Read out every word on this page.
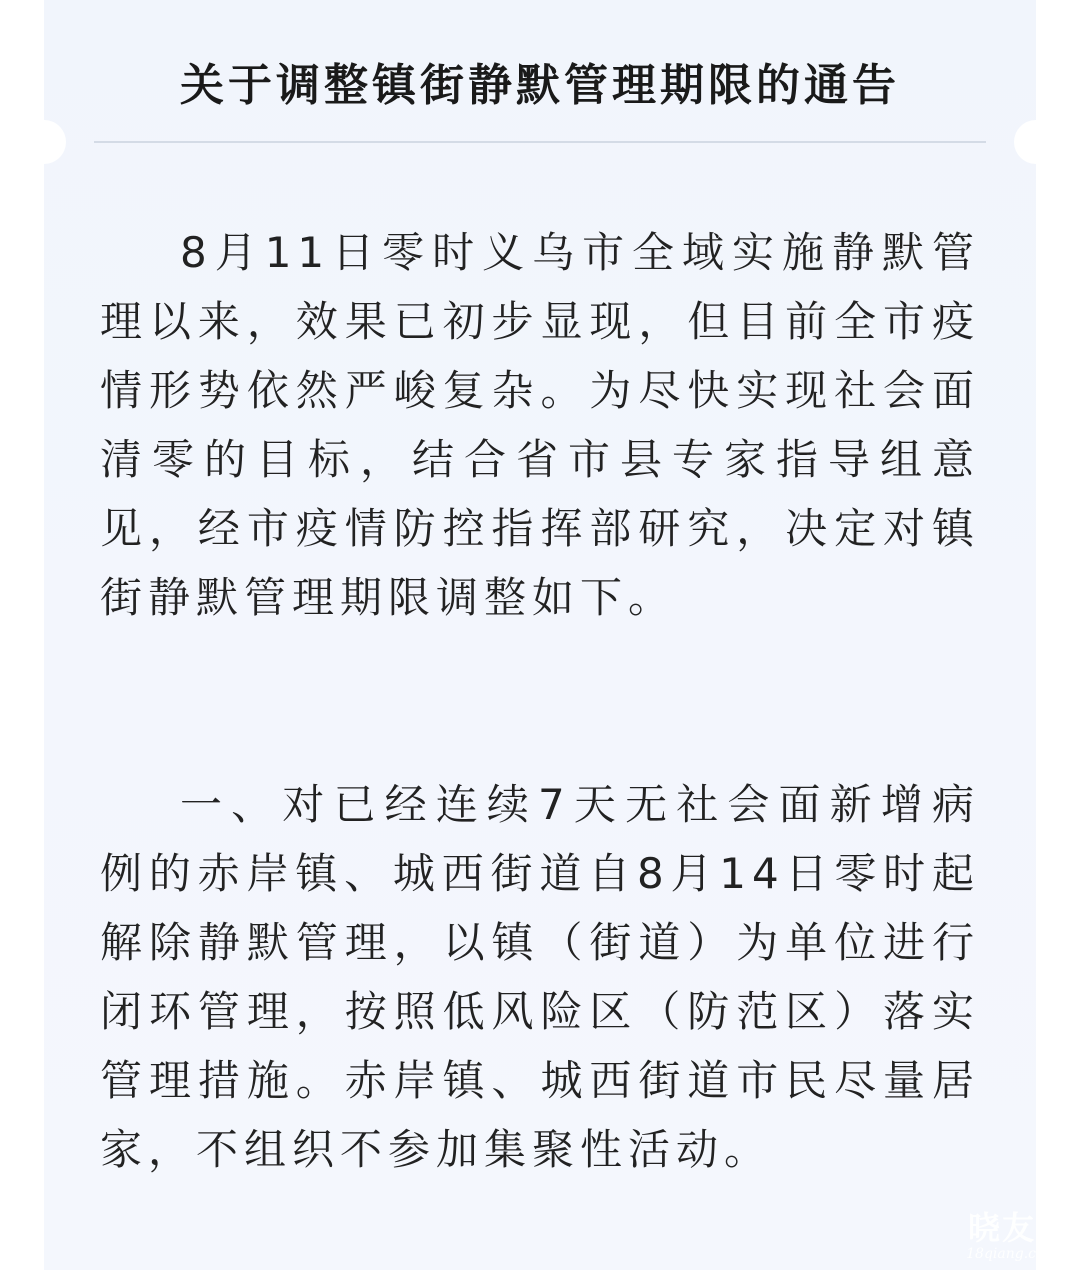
关于调整镇街静默管理期限的通告
8月11日零时义乌市全域实施静默管理以来，效果已初步显现，但目前全市疫情形势依然严峻复杂。为尽快实现社会面清零的目标，结合省市县专家指导组意见，经市疫情防控指挥部研究，决定对镇街静默管理期限调整如下。
一、对已经连续7天无社会面新增病例的赤岸镇、城西街道自8月14日零时起解除静默管理，以镇（街道）为单位进行闭环管理，按照低风险区（防范区）落实管理措施。赤岸镇、城西街道市民尽量居家，不组织不参加集聚性活动。
晓友
18qiang.c
